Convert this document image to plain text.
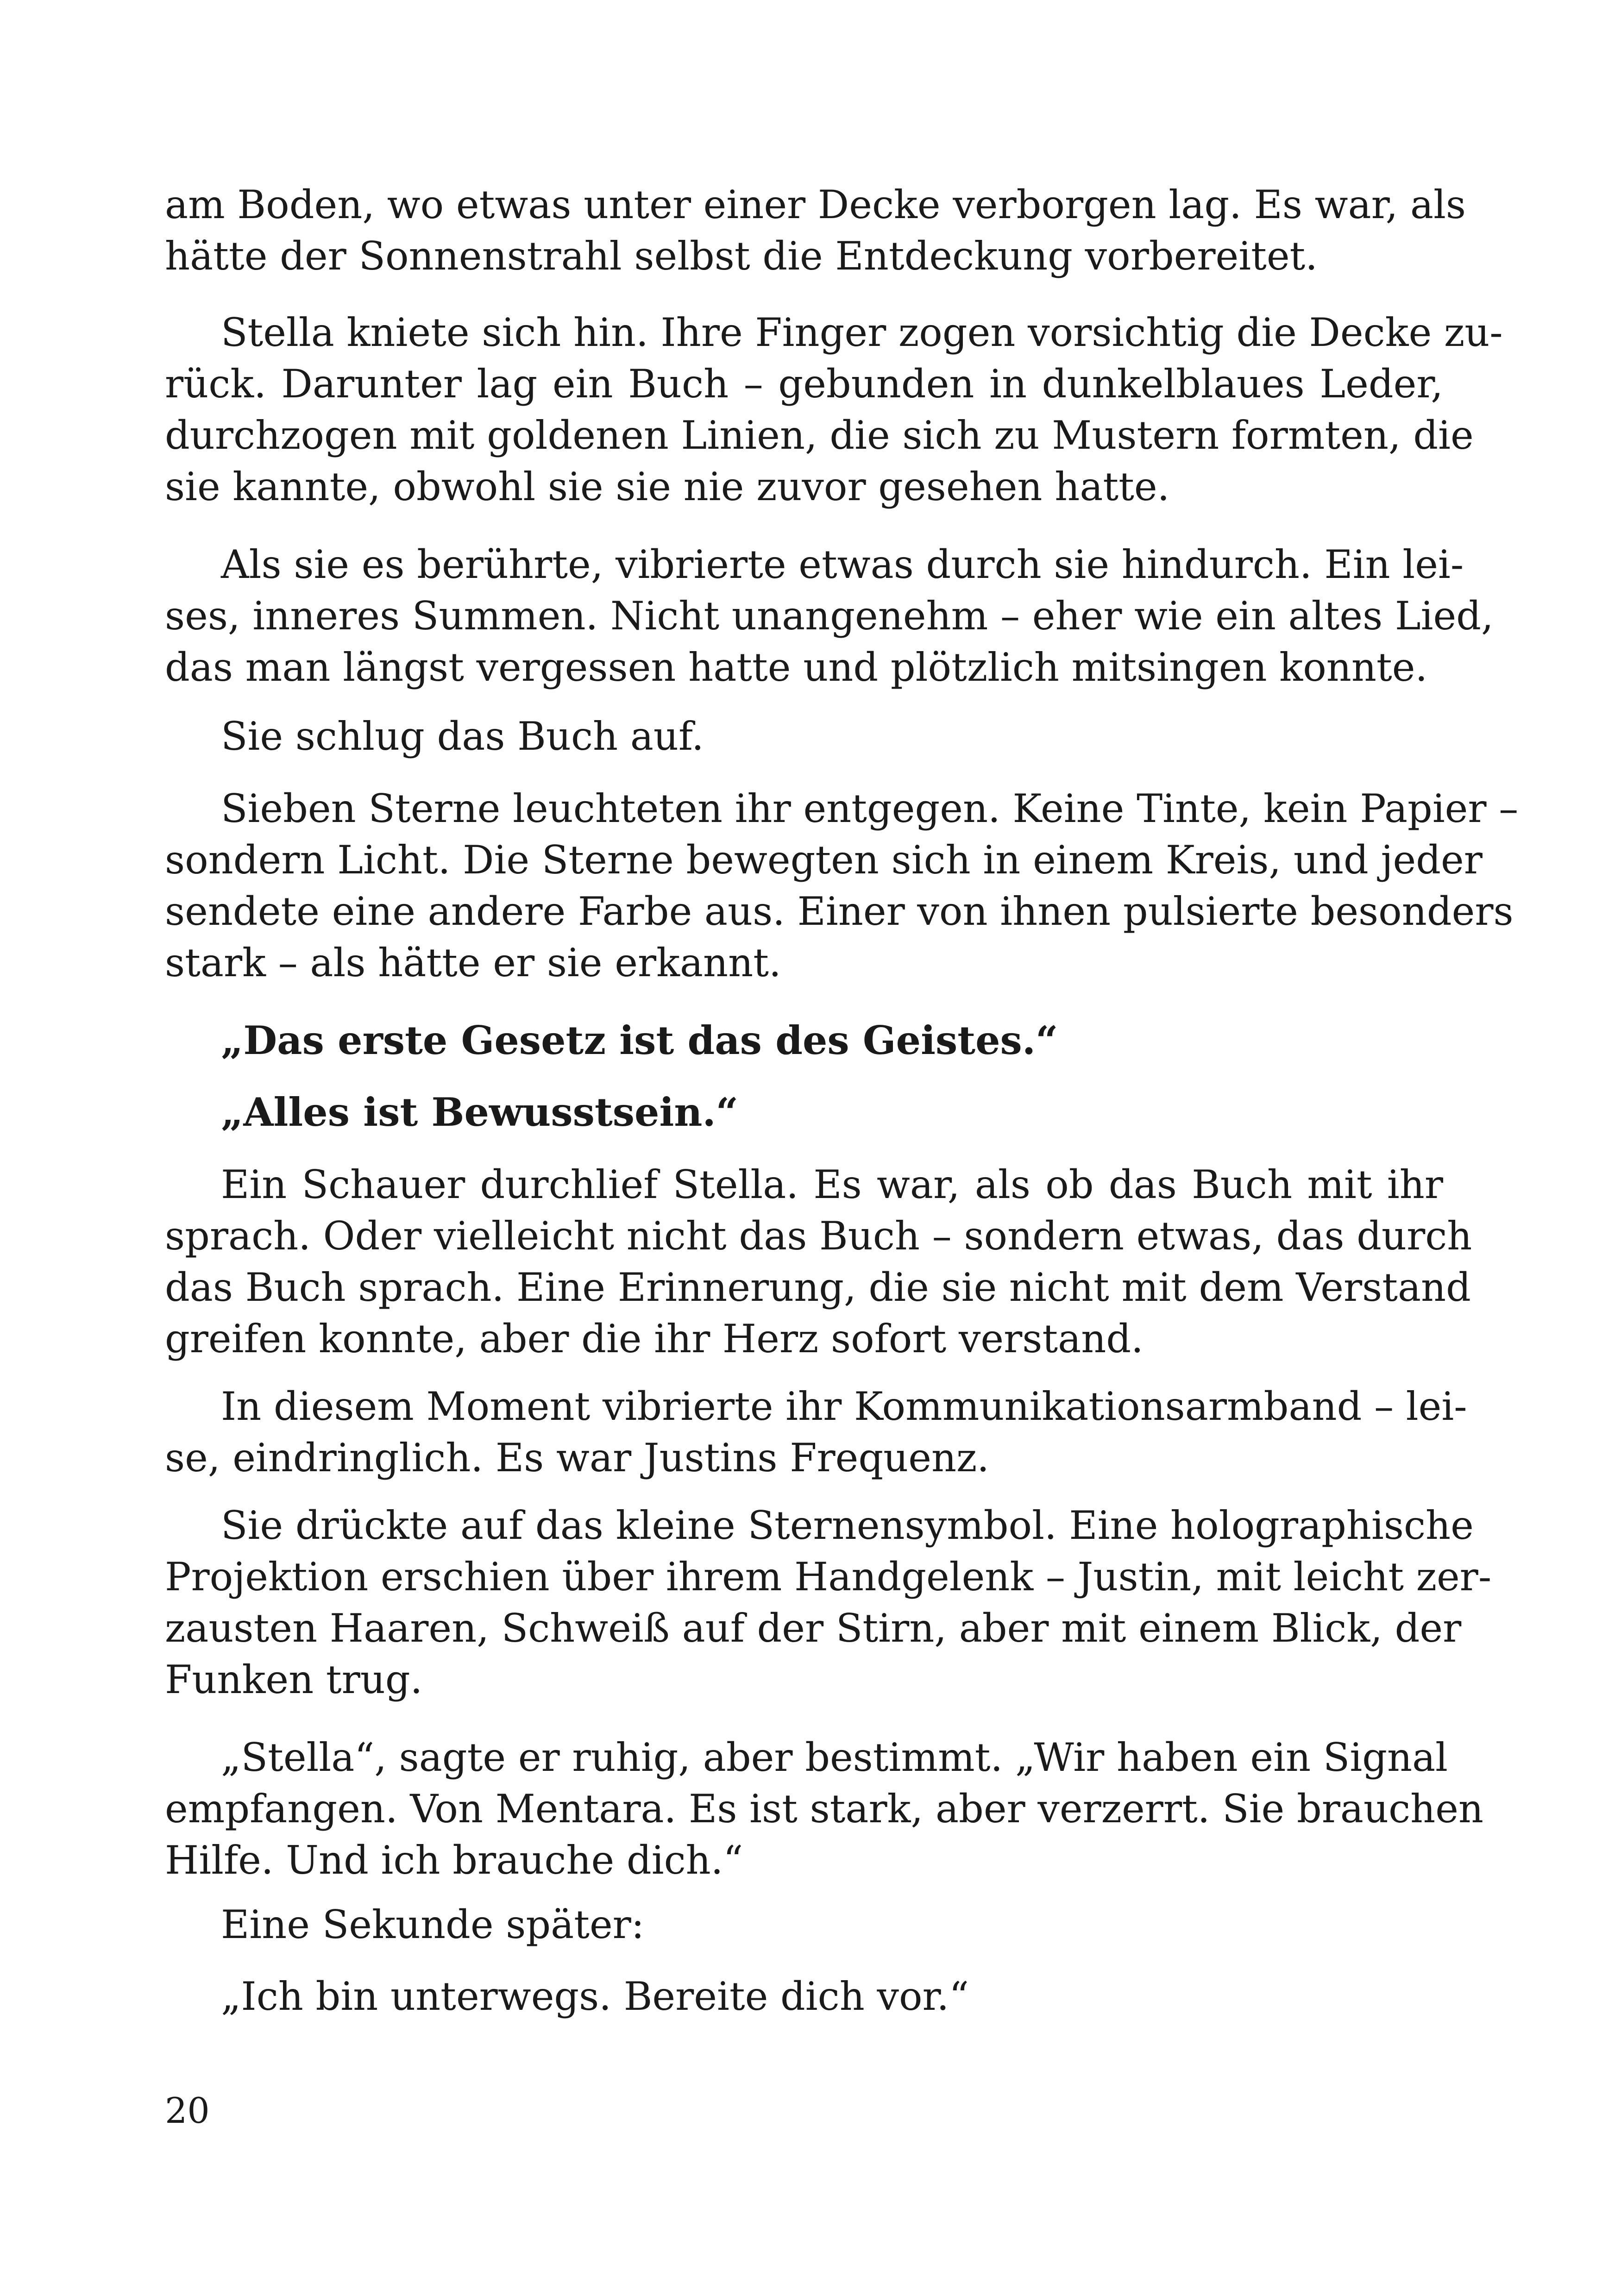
am Boden, wo etwas unter einer Decke verborgen lag. Es war, als
hätte der Sonnenstrahl selbst die Entdeckung vorbereitet.
Stella kniete sich hin. Ihre Finger zogen vorsichtig die Decke zu-
rück. Darunter lag ein Buch – gebunden in dunkelblaues Leder,
durchzogen mit goldenen Linien, die sich zu Mustern formten, die
sie kannte, obwohl sie sie nie zuvor gesehen hatte.
Als sie es berührte, vibrierte etwas durch sie hindurch. Ein lei-
ses, inneres Summen. Nicht unangenehm – eher wie ein altes Lied,
das man längst vergessen hatte und plötzlich mitsingen konnte.
Sie schlug das Buch auf.
Sieben Sterne leuchteten ihr entgegen. Keine Tinte, kein Papier –
sondern Licht. Die Sterne bewegten sich in einem Kreis, und jeder
sendete eine andere Farbe aus. Einer von ihnen pulsierte besonders
stark – als hätte er sie erkannt.
„Das erste Gesetz ist das des Geistes.“
„Alles ist Bewusstsein.“
Ein Schauer durchlief Stella. Es war, als ob das Buch mit ihr
sprach. Oder vielleicht nicht das Buch – sondern etwas, das durch
das Buch sprach. Eine Erinnerung, die sie nicht mit dem Verstand
greifen konnte, aber die ihr Herz sofort verstand.
In diesem Moment vibrierte ihr Kommunikationsarmband – lei-
se, eindringlich. Es war Justins Frequenz.
Sie drückte auf das kleine Sternensymbol. Eine holographische
Projektion erschien über ihrem Handgelenk – Justin, mit leicht zer-
zausten Haaren, Schweiß auf der Stirn, aber mit einem Blick, der
Funken trug.
„Stella“, sagte er ruhig, aber bestimmt. „Wir haben ein Signal
empfangen. Von Mentara. Es ist stark, aber verzerrt. Sie brauchen
Hilfe. Und ich brauche dich.“
Eine Sekunde später:
„Ich bin unterwegs. Bereite dich vor.“
20
